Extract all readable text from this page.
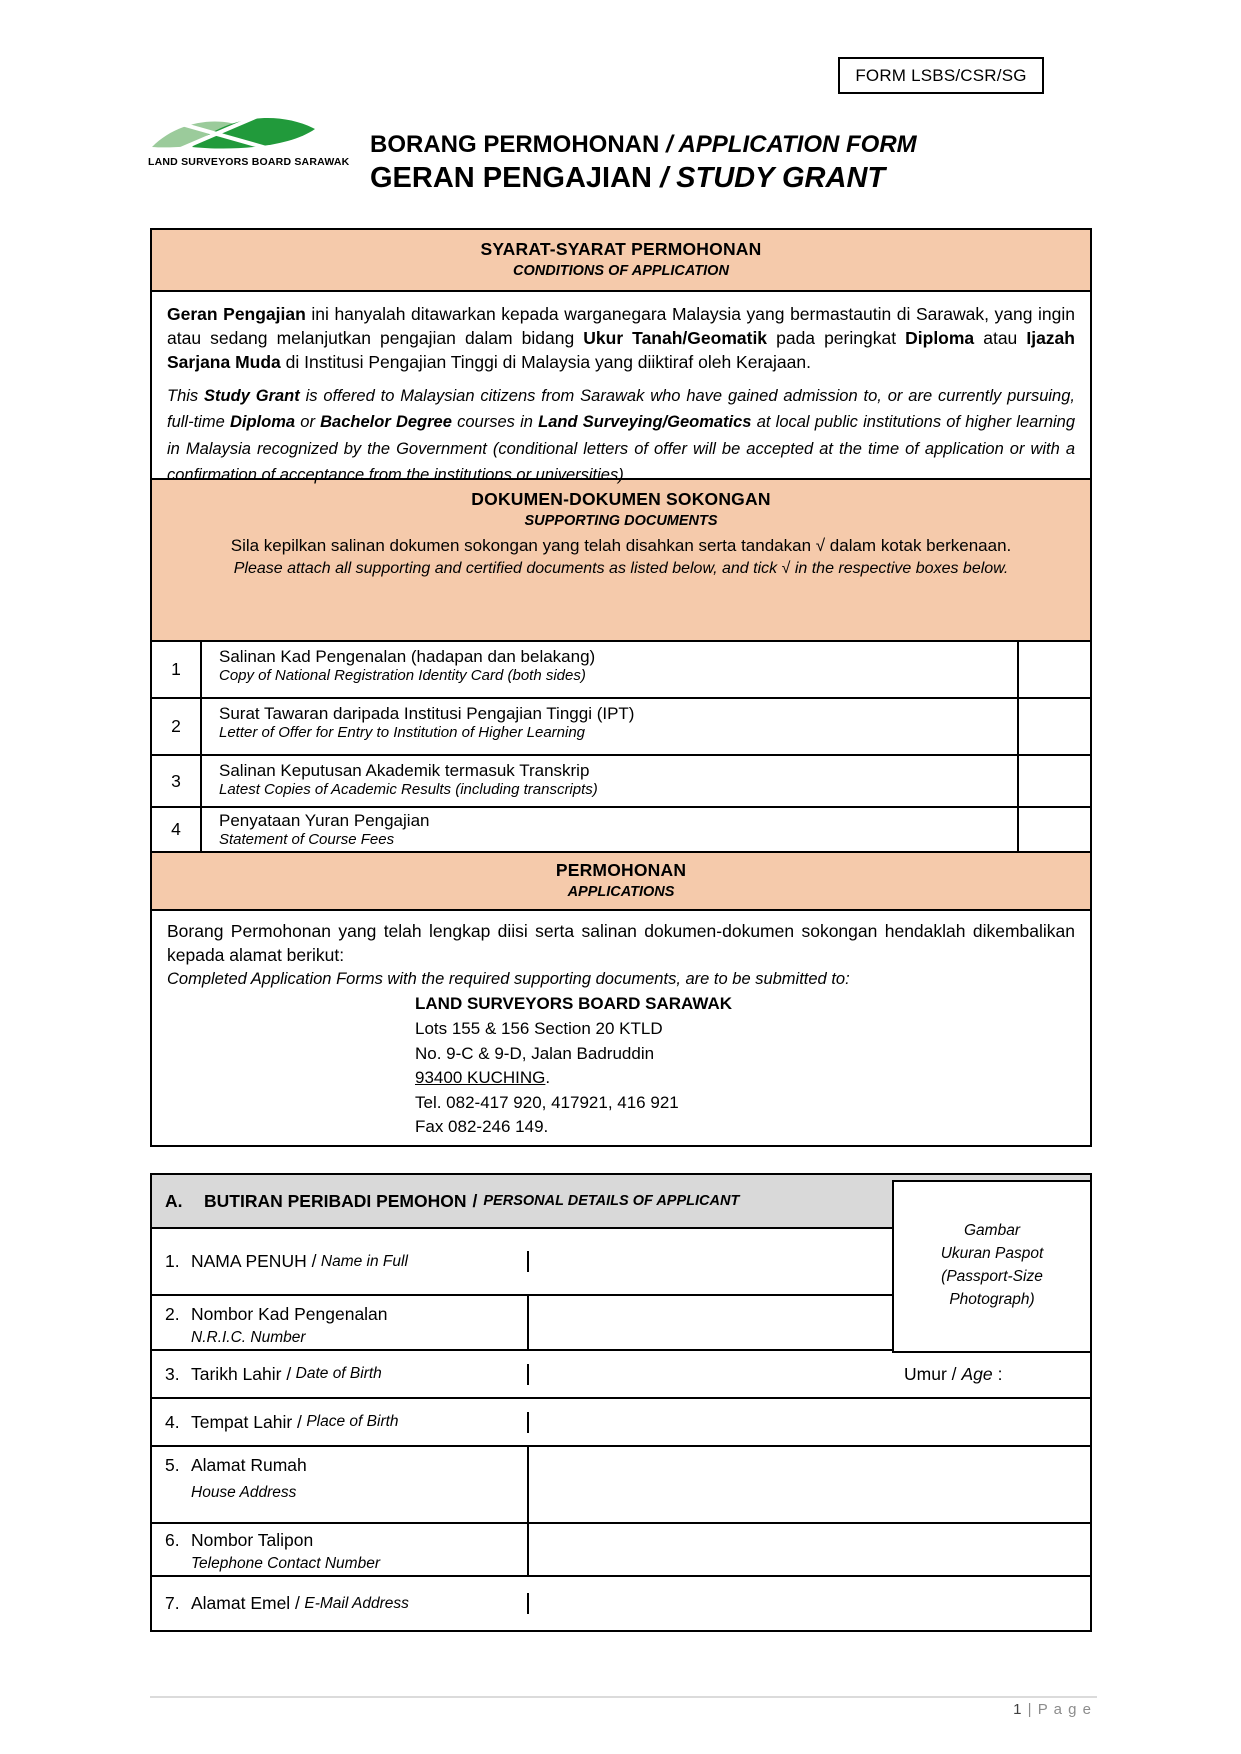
FORM LSBS/CSR/SG
LAND SURVEYORS BOARD SARAWAK
BORANG PERMOHONAN / APPLICATION FORM
GERAN PENGAJIAN / STUDY GRANT
SYARAT-SYARAT PERMOHONAN
CONDITIONS OF APPLICATION

Geran Pengajian ini hanyalah ditawarkan kepada warganegara Malaysia yang bermastautin di Sarawak, yang ingin atau sedang melanjutkan pengajian dalam bidang Ukur Tanah/Geomatik pada peringkat Diploma atau Ijazah Sarjana Muda di Institusi Pengajian Tinggi di Malaysia yang diiktiraf oleh Kerajaan.

This Study Grant is offered to Malaysian citizens from Sarawak who have gained admission to, or are currently pursuing, full-time Diploma or Bachelor Degree courses in Land Surveying/Geomatics at local public institutions of higher learning in Malaysia recognized by the Government (conditional letters of offer will be accepted at the time of application or with a confirmation of acceptance from the institutions or universities).

DOKUMEN-DOKUMEN SOKONGAN
SUPPORTING DOCUMENTS
Sila kepilkan salinan dokumen sokongan yang telah disahkan serta tandakan √ dalam kotak berkenaan.
Please attach all supporting and certified documents as listed below, and tick √ in the respective boxes below.
1
Salinan Kad Pengenalan (hadapan dan belakang)
Copy of National Registration Identity Card (both sides)
2
Surat Tawaran daripada Institusi Pengajian Tinggi (IPT)
Letter of Offer for Entry to Institution of Higher Learning
3	Salinan Keputusan Akademik termasuk Transkrip
Latest Copies of Academic Results (including transcripts)
4	Penyataan Yuran Pengajian
Statement of Course Fees
PERMOHONAN
APPLICATIONS

Borang Permohonan yang telah lengkap diisi serta salinan dokumen-dokumen sokongan hendaklah dikembalikan kepada alamat berikut:

Completed Application Forms with the required supporting documents, are to be submitted to:

LAND SURVEYORS BOARD SARAWAK
Lots 155 & 156 Section 20 KTLD
No. 9-C & 9-D, Jalan Badruddin
93400 KUCHING.
Tel. 082-417 920, 417921, 416 921
Fax 082-246 149.
A.	BUTIRAN PERIBADI PEMOHON / PERSONAL DETAILS OF APPLICANT
1. NAMA PENUH /
Name in Full
2. Nombor Kad Pengenalan
N.R.I.C. Number
3. Tarikh Lahir /
Date of Birth	Umur / Age :
4. Tempat Lahir /
Place of Birth
5. Alamat Rumah
House Address
6. Nombor Talipon
Telephone Contact Number
7. Alamat Emel /
E-Mail Address
Gambar
Ukuran Paspot
(Passport-Size
Photograph)
1 | P a g e
